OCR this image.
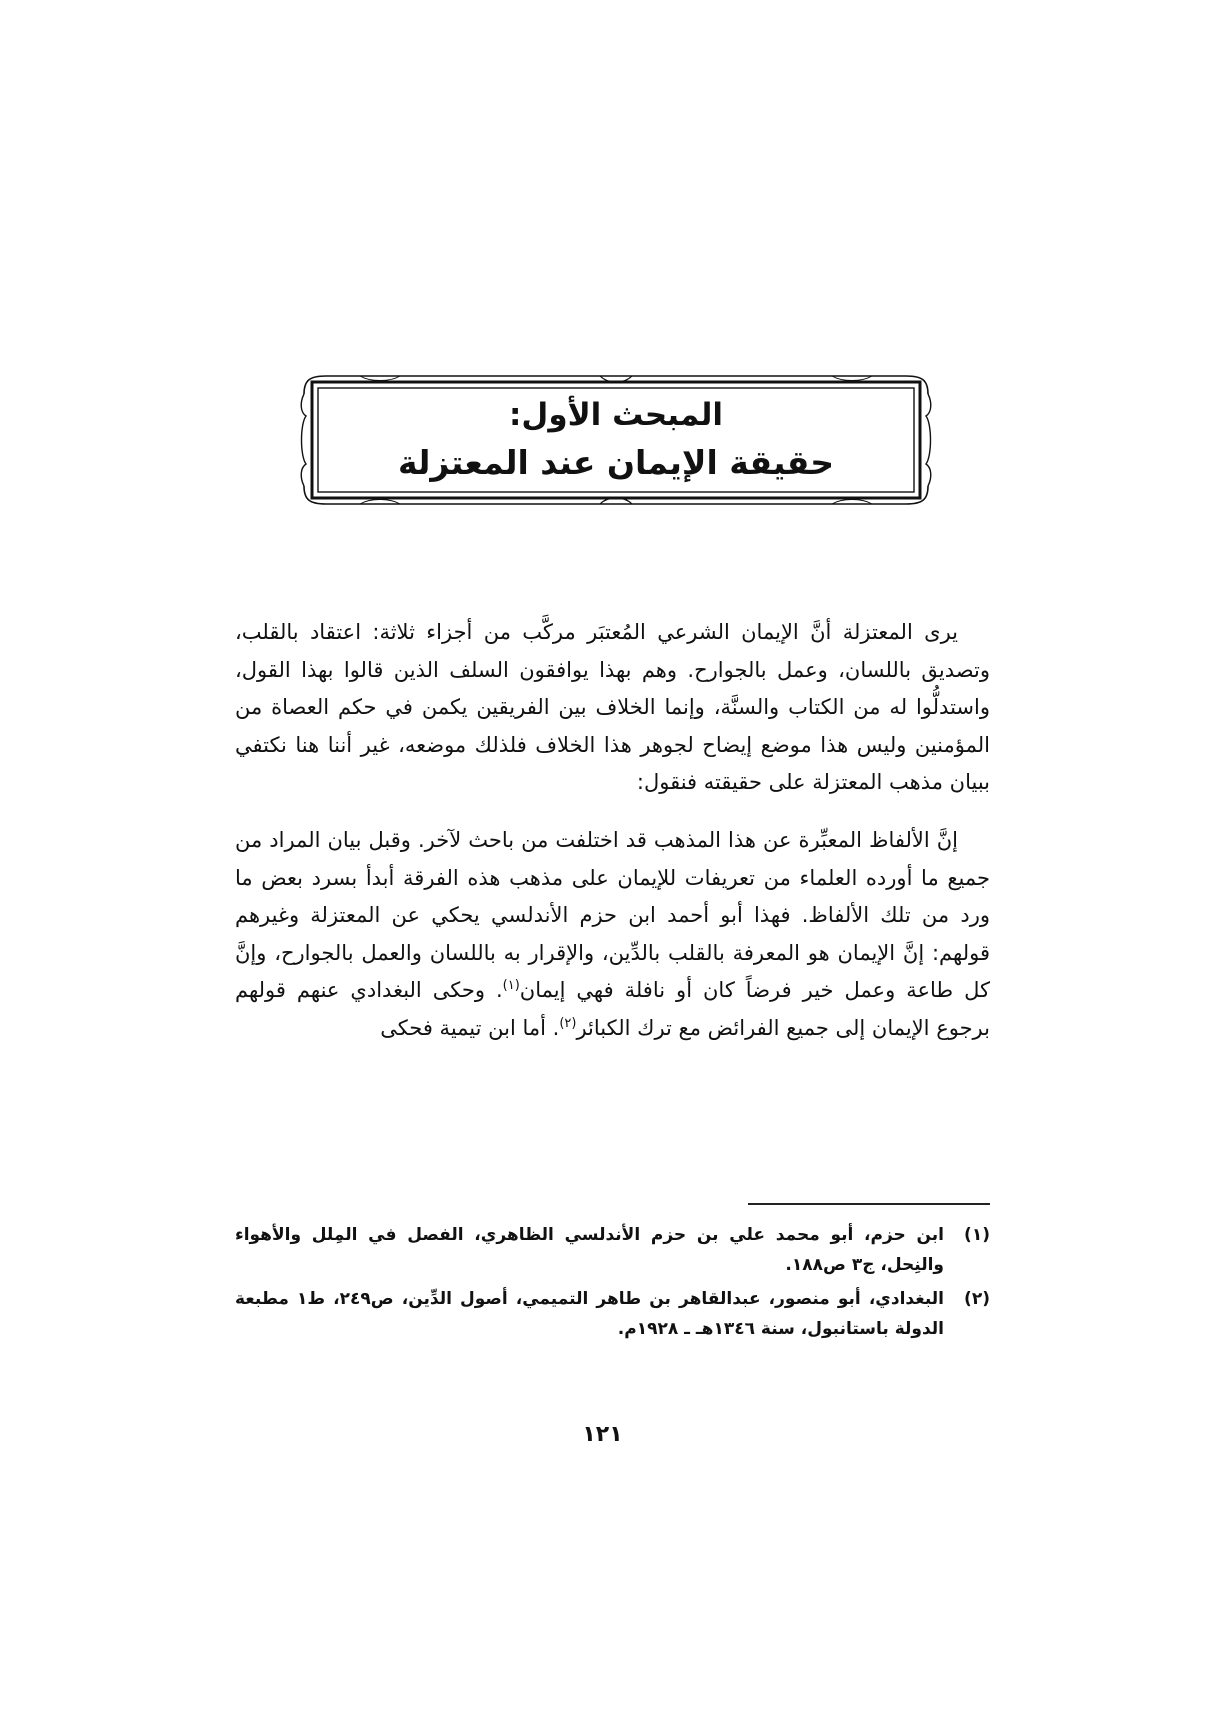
المبحث الأول:
حقيقة الإيمان عند المعتزلة

يرى المعتزلة أنَّ الإيمان الشرعي المُعتبَر مركَّب من أجزاء ثلاثة: اعتقاد بالقلب، وتصديق باللسان، وعمل بالجوارح. وهم بهذا يوافقون السلف الذين قالوا بهذا القول، واستدلُّوا له من الكتاب والسنَّة، وإنما الخلاف بين الفريقين يكمن في حكم العصاة من المؤمنين وليس هذا موضع إيضاح لجوهر هذا الخلاف فلذلك موضعه، غير أننا هنا نكتفي ببيان مذهب المعتزلة على حقيقته فنقول:

إنَّ الألفاظ المعبِّرة عن هذا المذهب قد اختلفت من باحث لآخر. وقبل بيان المراد من جميع ما أورده العلماء من تعريفات للإيمان على مذهب هذه الفرقة أبدأ بسرد بعض ما ورد من تلك الألفاظ. فهذا أبو أحمد ابن حزم الأندلسي يحكي عن المعتزلة وغيرهم قولهم: إنَّ الإيمان هو المعرفة بالقلب بالدِّين، والإقرار به باللسان والعمل بالجوارح، وإنَّ كل طاعة وعمل خير فرضاً كان أو نافلة فهي إيمان$^{(١)}$. وحكى البغدادي عنهم قولهم برجوع الإيمان إلى جميع الفرائض مع ترك الكبائر$^{(٢)}$. أما ابن تيمية فحكى

(١)
ابن حزم، أبو محمد علي بن حزم الأندلسي الظاهري، الفصل في المِلل والأهواء والنِحل، ج٣ ص١٨٨.
(٢)
البغدادي، أبو منصور، عبدالقاهر بن طاهر التميمي، أصول الدِّين، ص٢٤٩، ط١ مطبعة الدولة باستانبول، سنة ١٣٤٦هـ ـ ١٩٢٨م.
١٢١
